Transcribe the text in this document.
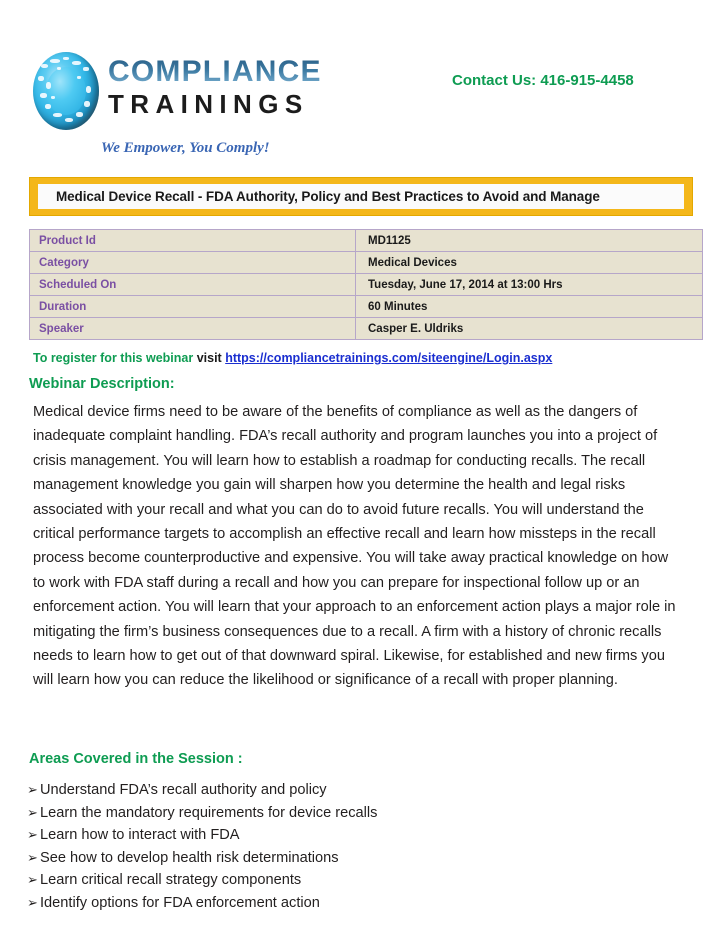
COMPLIANCE
TRAININGS
We Empower, You Comply!
Contact Us: 416-915-4458
Medical Device Recall - FDA Authority, Policy and Best Practices to Avoid and Manage
Product Id	MD1125
Category	Medical Devices
Scheduled On	Tuesday, June 17, 2014 at 13:00 Hrs
Duration	60 Minutes
Speaker	Casper E. Uldriks
To register for this webinar visit https://compliancetrainings.com/siteengine/Login.aspx
Webinar Description:
Medical device firms need to be aware of the benefits of compliance as well as the dangers of inadequate complaint handling. FDA’s recall authority and program launches you into a project of crisis management. You will learn how to establish a roadmap for conducting recalls. The recall management knowledge you gain will sharpen how you determine the health and legal risks associated with your recall and what you can do to avoid future recalls. You will understand the critical performance targets to accomplish an effective recall and learn how missteps in the recall process become counterproductive and expensive. You will take away practical knowledge on how to work with FDA staff during a recall and how you can prepare for inspectional follow up or an enforcement action. You will learn that your approach to an enforcement action plays a major role in mitigating the firm’s business consequences due to a recall. A firm with a history of chronic recalls needs to learn how to get out of that downward spiral. Likewise, for established and new firms you will learn how you can reduce the likelihood or significance of a recall with proper planning.
Areas Covered in the Session :
➢ Understand FDA’s recall authority and policy
➢ Learn the mandatory requirements for device recalls
➢ Learn how to interact with FDA
➢ See how to develop health risk determinations
➢ Learn critical recall strategy components
➢ Identify options for FDA enforcement action
